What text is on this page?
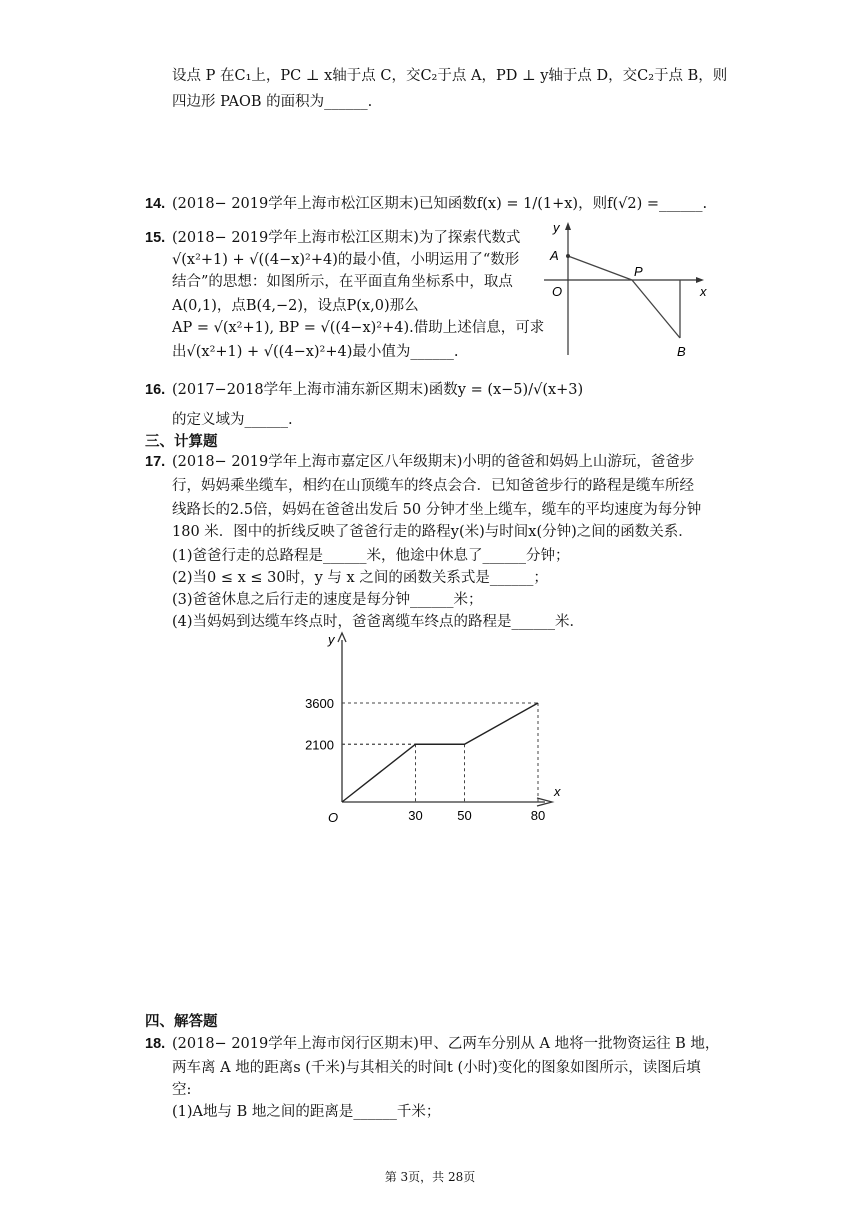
设点 P 在C₁上，PC ⊥ x轴于点 C，交C₂于点 A，PD ⊥ y轴于点 D，交C₂于点 B，则
四边形 PAOB 的面积为______.
14. (2018− 2019学年上海市松江区期末)已知函数f(x) = 1/(1+x)，则f(√2) =______.
15. (2018− 2019学年上海市松江区期末)为了探索代数式
√(x²+1) + √((4−x)²+4)的最小值，小明运用了“数形
结合”的思想：如图所示，在平面直角坐标系中，取点
A(0,1)，点B(4,−2)，设点P(x,0)那么
AP = √(x²+1), BP = √((4−x)²+4).借助上述信息，可求
出√(x²+1) + √((4−x)²+4)最小值为______.
y
A
O
P
x
B
16. (2017−2018学年上海市浦东新区期末)函数y = (x−5)/√(x+3)
的定义域为______.
三、计算题
17. (2018− 2019学年上海市嘉定区八年级期末)小明的爸爸和妈妈上山游玩，爸爸步
行，妈妈乘坐缆车，相约在山顶缆车的终点会合．已知爸爸步行的路程是缆车所经
线路长的2.5倍，妈妈在爸爸出发后 50 分钟才坐上缆车，缆车的平均速度为每分钟
180 米．图中的折线反映了爸爸行走的路程y(米)与时间x(分钟)之间的函数关系．
(1)爸爸行走的总路程是______米，他途中休息了______分钟；
(2)当0 ≤ x ≤ 30时，y 与 x 之间的函数关系式是______；
(3)爸爸休息之后行走的速度是每分钟______米；
(4)当妈妈到达缆车终点时，爸爸离缆车终点的路程是______米．
30	50	80
2100
3600
x
y
O
四、解答题
18. (2018− 2019学年上海市闵行区期末)甲、乙两车分别从 A 地将一批物资运往 B 地，
两车离 A 地的距离s (千米)与其相关的时间t (小时)变化的图象如图所示，读图后填
空:
(1)A地与 B 地之间的距离是______千米；
第 3页，共 28页
